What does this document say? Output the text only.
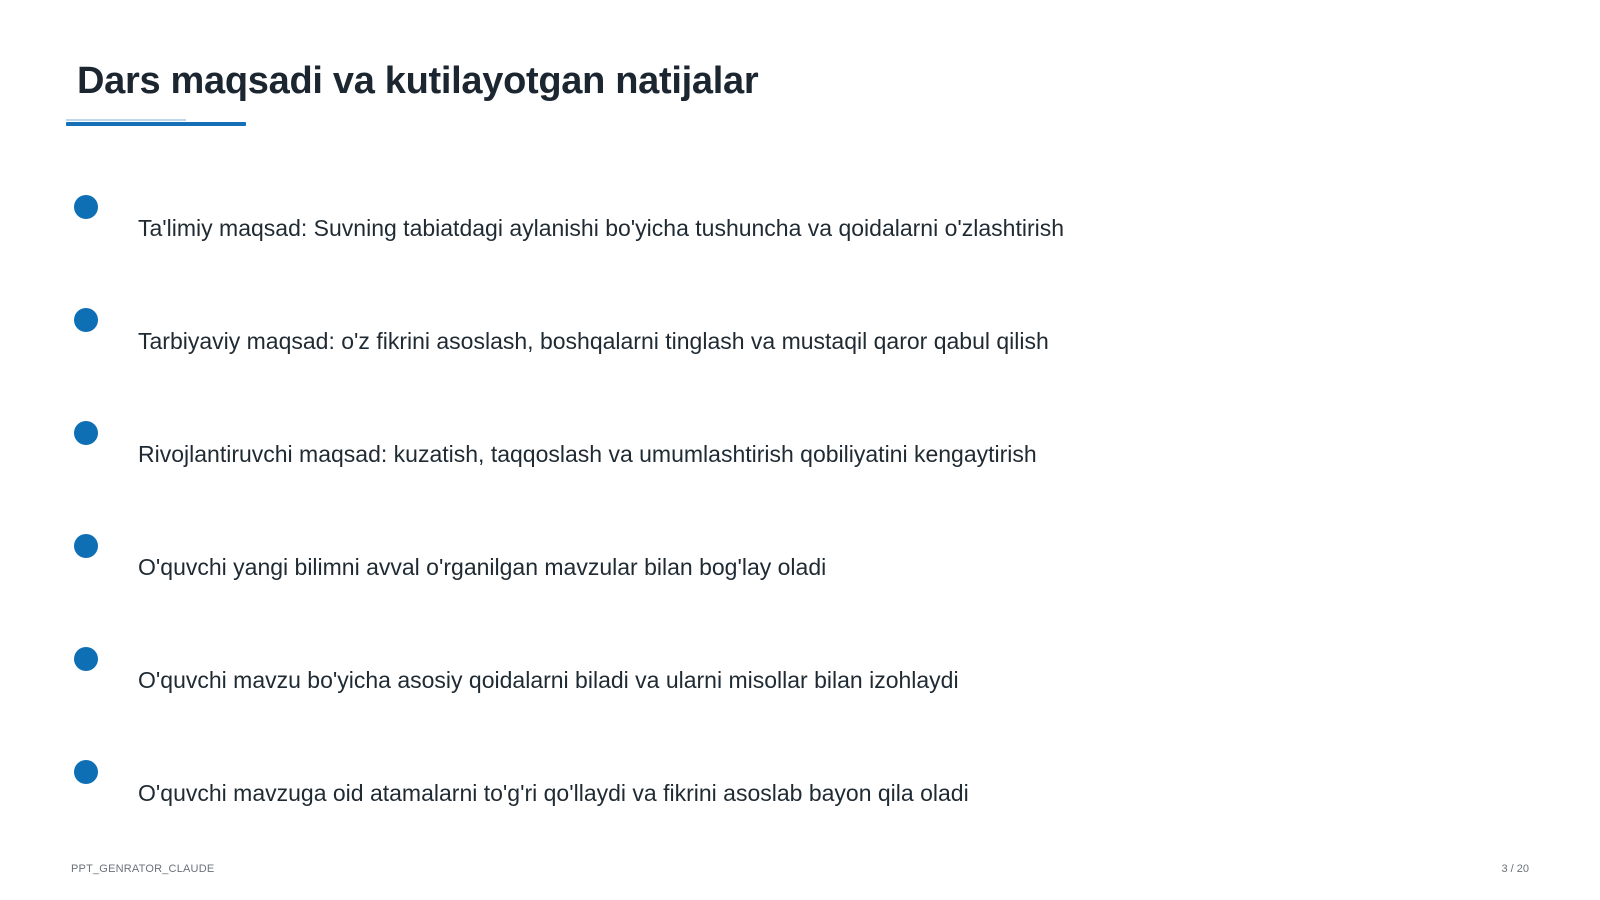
Dars maqsadi va kutilayotgan natijalar
Ta'limiy maqsad: Suvning tabiatdagi aylanishi bo'yicha tushuncha va qoidalarni o'zlashtirish
Tarbiyaviy maqsad: o'z fikrini asoslash, boshqalarni tinglash va mustaqil qaror qabul qilish
Rivojlantiruvchi maqsad: kuzatish, taqqoslash va umumlashtirish qobiliyatini kengaytirish
O'quvchi yangi bilimni avval o'rganilgan mavzular bilan bog'lay oladi
O'quvchi mavzu bo'yicha asosiy qoidalarni biladi va ularni misollar bilan izohlaydi
O'quvchi mavzuga oid atamalarni to'g'ri qo'llaydi va fikrini asoslab bayon qila oladi
PPT_GENRATOR_CLAUDE	3 / 20
